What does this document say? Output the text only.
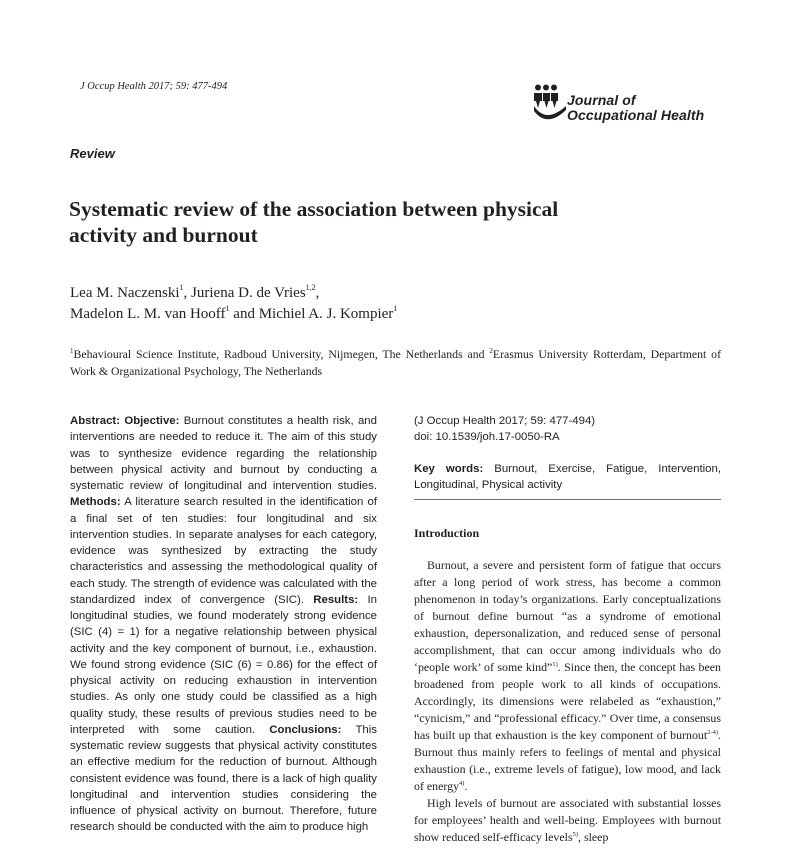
J Occup Health 2017; 59: 477-494
Journal of
Occupational Health
Review
Systematic review of the association between physical activity and burnout
Lea M. Naczenski$^1$, Juriena D. de Vries$^{1,2}$,
Madelon L. M. van Hooff$^1$ and Michiel A. J. Kompier$^1$
$^1$Behavioural Science Institute, Radboud University, Nijmegen, The Netherlands and $^2$Erasmus University Rotterdam, Department of Work & Organizational Psychology, The Netherlands
Abstract: Objective: Burnout constitutes a health risk, and interventions are needed to reduce it. The aim of this study was to synthesize evidence regarding the relationship between physical activity and burnout by conducting a systematic review of longitudinal and intervention studies. Methods: A literature search resulted in the identification of a final set of ten studies: four longitudinal and six intervention studies. In separate analyses for each category, evidence was synthesized by extracting the study characteristics and assessing the methodological quality of each study. The strength of evidence was calculated with the standardized index of convergence (SIC). Results: In longitudinal studies, we found moderately strong evidence (SIC (4) = 1) for a negative relationship between physical activity and the key component of burnout, i.e., exhaustion. We found strong evidence (SIC (6) = 0.86) for the effect of physical activity on reducing exhaustion in intervention studies. As only one study could be classified as a high quality study, these results of previous studies need to be interpreted with some caution. Conclusions: This systematic review suggests that physical activity constitutes an effective medium for the reduction of burnout. Although consistent evidence was found, there is a lack of high quality longitudinal and intervention studies considering the influence of physical activity on burnout. Therefore, future research should be conducted with the aim to produce high
(J Occup Health 2017; 59: 477-494)
doi: 10.1539/joh.17-0050-RA
Key words: Burnout, Exercise, Fatigue, Intervention, Longitudinal, Physical activity
Introduction

Burnout, a severe and persistent form of fatigue that occurs after a long period of work stress, has become a common phenomenon in today’s organizations. Early conceptualizations of burnout define burnout “as a syndrome of emotional exhaustion, depersonalization, and reduced sense of personal accomplishment, that can occur among individuals who do ‘people work’ of some kind”$^{1)}$. Since then, the concept has been broadened from people work to all kinds of occupations. Accordingly, its dimensions were relabeled as “exhaustion,” “cynicism,” and “professional efficacy.” Over time, a consensus has built up that exhaustion is the key component of burnout$^{2-4)}$. Burnout thus mainly refers to feelings of mental and physical exhaustion (i.e., extreme levels of fatigue), low mood, and lack of energy$^{4)}$.

High levels of burnout are associated with substantial losses for employees’ health and well-being. Employees with burnout show reduced self-efficacy levels$^{5)}$, sleep
